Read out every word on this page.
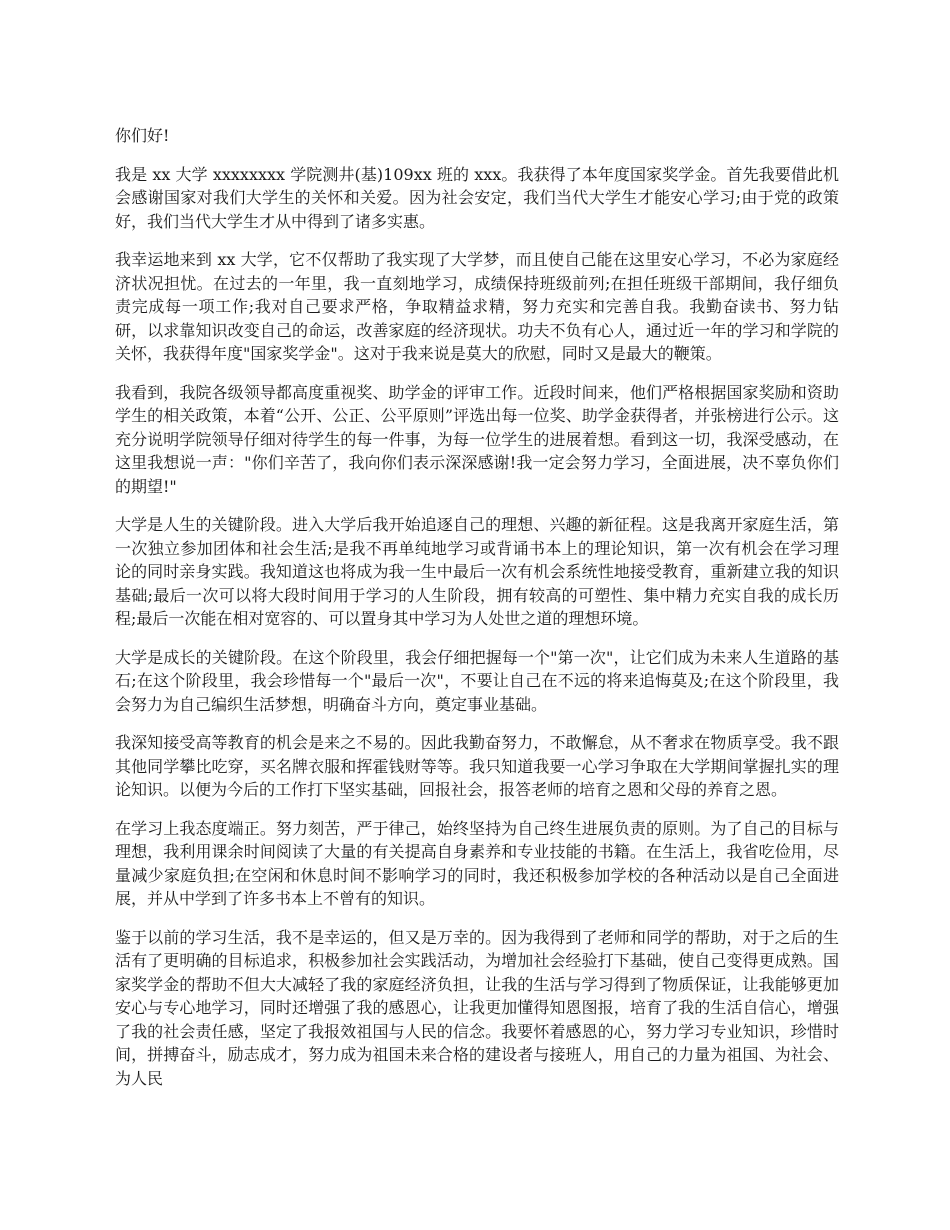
你们好!

我是 xx 大学 xxxxxxxx 学院测井(基)109xx 班的 xxx。我获得了本年度国家奖学金。首先我要借此机会感谢国家对我们大学生的关怀和关爱。因为社会安定，我们当代大学生才能安心学习;由于党的政策好，我们当代大学生才从中得到了诸多实惠。

我幸运地来到 xx 大学，它不仅帮助了我实现了大学梦，而且使自己能在这里安心学习，不必为家庭经济状况担忧。在过去的一年里，我一直刻地学习，成绩保持班级前列;在担任班级干部期间，我仔细负责完成每一项工作;我对自己要求严格，争取精益求精，努力充实和完善自我。我勤奋读书、努力钻研，以求靠知识改变自己的命运，改善家庭的经济现状。功夫不负有心人，通过近一年的学习和学院的关怀，我获得年度"国家奖学金"。这对于我来说是莫大的欣慰，同时又是最大的鞭策。

我看到，我院各级领导都高度重视奖、助学金的评审工作。近段时间来，他们严格根据国家奖励和资助学生的相关政策，本着“公开、公正、公平原则”评选出每一位奖、助学金获得者，并张榜进行公示。这充分说明学院领导仔细对待学生的每一件事，为每一位学生的进展着想。看到这一切，我深受感动，在这里我想说一声："你们辛苦了，我向你们表示深深感谢!我一定会努力学习，全面进展，决不辜负你们的期望!"

大学是人生的关键阶段。进入大学后我开始追逐自己的理想、兴趣的新征程。这是我离开家庭生活，第一次独立参加团体和社会生活;是我不再单纯地学习或背诵书本上的理论知识，第一次有机会在学习理论的同时亲身实践。我知道这也将成为我一生中最后一次有机会系统性地接受教育，重新建立我的知识基础;最后一次可以将大段时间用于学习的人生阶段，拥有较高的可塑性、集中精力充实自我的成长历程;最后一次能在相对宽容的、可以置身其中学习为人处世之道的理想环境。

大学是成长的关键阶段。在这个阶段里，我会仔细把握每一个"第一次"，让它们成为未来人生道路的基石;在这个阶段里，我会珍惜每一个"最后一次"，不要让自己在不远的将来追悔莫及;在这个阶段里，我会努力为自己编织生活梦想，明确奋斗方向，奠定事业基础。

我深知接受高等教育的机会是来之不易的。因此我勤奋努力，不敢懈怠，从不奢求在物质享受。我不跟其他同学攀比吃穿，买名牌衣服和挥霍钱财等等。我只知道我要一心学习争取在大学期间掌握扎实的理论知识。以便为今后的工作打下坚实基础，回报社会，报答老师的培育之恩和父母的养育之恩。

在学习上我态度端正。努力刻苦，严于律己，始终坚持为自己终生进展负责的原则。为了自己的目标与理想，我利用课余时间阅读了大量的有关提高自身素养和专业技能的书籍。在生活上，我省吃俭用，尽量减少家庭负担;在空闲和休息时间不影响学习的同时，我还积极参加学校的各种活动以是自己全面进展，并从中学到了许多书本上不曾有的知识。

鉴于以前的学习生活，我不是幸运的，但又是万幸的。因为我得到了老师和同学的帮助，对于之后的生活有了更明确的目标追求，积极参加社会实践活动，为增加社会经验打下基础，使自己变得更成熟。国家奖学金的帮助不但大大减轻了我的家庭经济负担，让我的生活与学习得到了物质保证，让我能够更加安心与专心地学习，同时还增强了我的感恩心，让我更加懂得知恩图报，培育了我的生活自信心，增强了我的社会责任感，坚定了我报效祖国与人民的信念。我要怀着感恩的心，努力学习专业知识，珍惜时间，拼搏奋斗，励志成才，努力成为祖国未来合格的建设者与接班人，用自己的力量为祖国、为社会、为人民
